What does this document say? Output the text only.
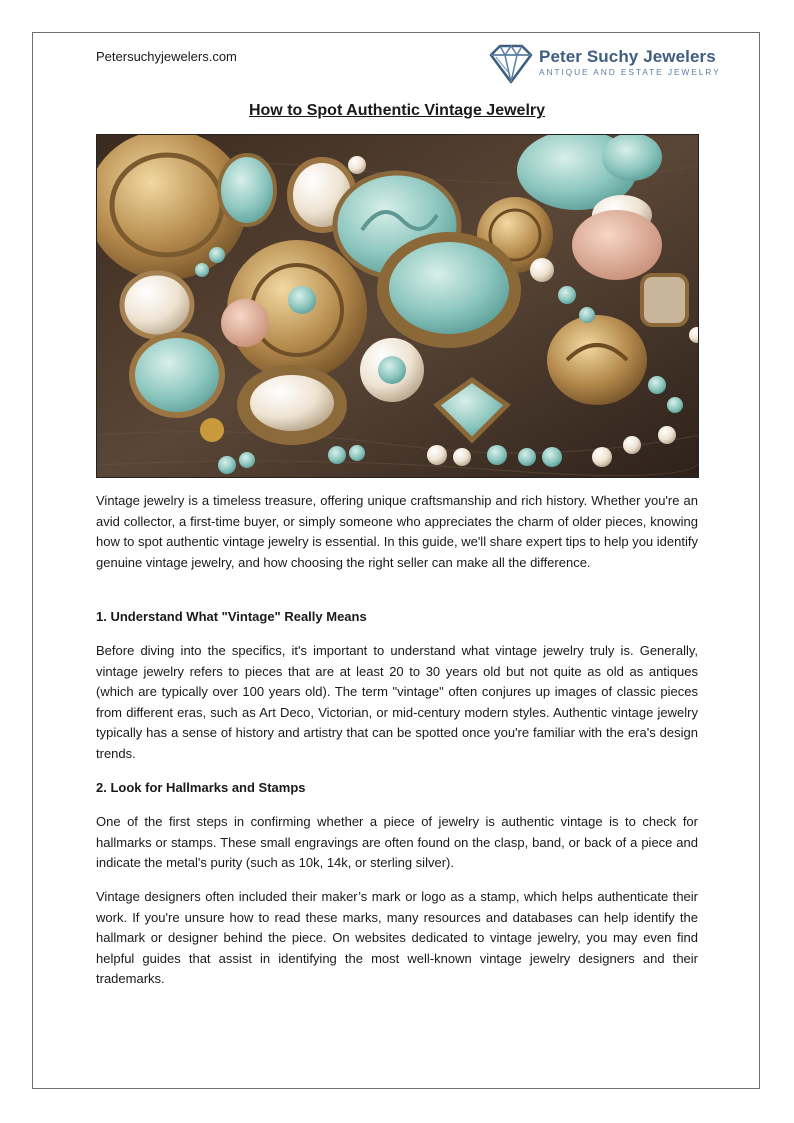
Petersuchyjewelers.com	Peter Suchy Jewelers
ANTIQUE AND ESTATE JEWELRY
How to Spot Authentic Vintage Jewelry

Vintage jewelry is a timeless treasure, offering unique craftsmanship and rich history. Whether you're an avid collector, a first-time buyer, or simply someone who appreciates the charm of older pieces, knowing how to spot authentic vintage jewelry is essential. In this guide, we'll share expert tips to help you identify genuine vintage jewelry, and how choosing the right seller can make all the difference.

1. Understand What "Vintage" Really Means

Before diving into the specifics, it's important to understand what vintage jewelry truly is. Generally, vintage jewelry refers to pieces that are at least 20 to 30 years old but not quite as old as antiques (which are typically over 100 years old). The term "vintage" often conjures up images of classic pieces from different eras, such as Art Deco, Victorian, or mid-century modern styles. Authentic vintage jewelry typically has a sense of history and artistry that can be spotted once you're familiar with the era's design trends.

2. Look for Hallmarks and Stamps

One of the first steps in confirming whether a piece of jewelry is authentic vintage is to check for hallmarks or stamps. These small engravings are often found on the clasp, band, or back of a piece and indicate the metal's purity (such as 10k, 14k, or sterling silver).

Vintage designers often included their maker’s mark or logo as a stamp, which helps authenticate their work. If you're unsure how to read these marks, many resources and databases can help identify the hallmark or designer behind the piece. On websites dedicated to vintage jewelry, you may even find helpful guides that assist in identifying the most well-known vintage jewelry designers and their trademarks.
